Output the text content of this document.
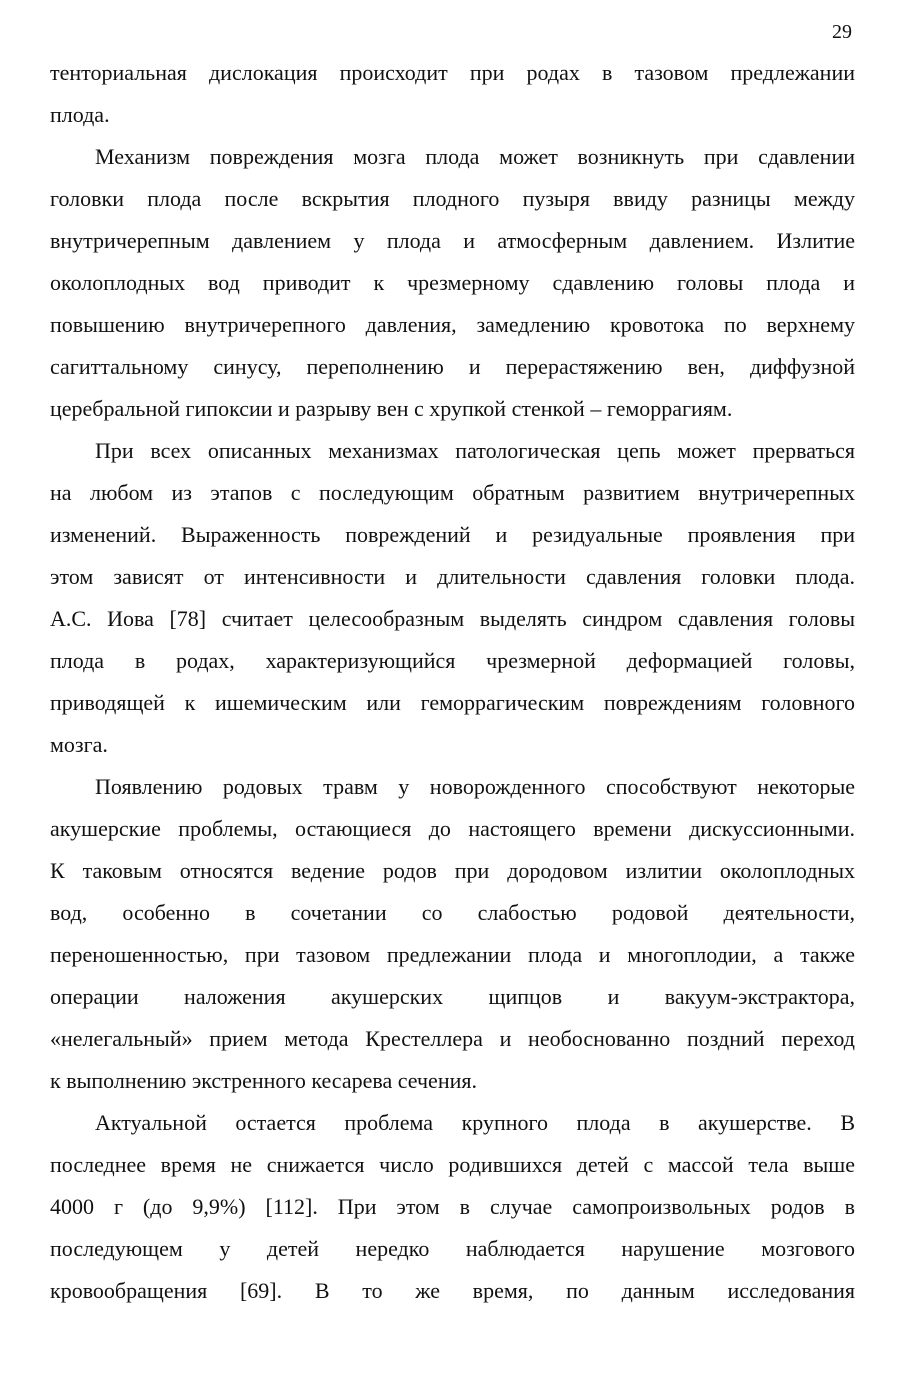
29

тенториальная дислокация происходит при родах в тазовом предлежании
плода.

Механизм повреждения мозга плода может возникнуть при сдавлении
головки плода после вскрытия плодного пузыря ввиду разницы между
внутричерепным давлением у плода и атмосферным давлением. Излитие
околоплодных вод приводит к чрезмерному сдавлению головы плода и
повышению внутричерепного давления, замедлению кровотока по верхнему
сагиттальному синусу, переполнению и перерастяжению вен, диффузной
церебральной гипоксии и разрыву вен с хрупкой стенкой – геморрагиям.

При всех описанных механизмах патологическая цепь может прерваться
на любом из этапов с последующим обратным развитием внутричерепных
изменений. Выраженность повреждений и резидуальные проявления при
этом зависят от интенсивности и длительности сдавления головки плода.
А.С. Иова [78] считает целесообразным выделять синдром сдавления головы
плода в родах, характеризующийся чрезмерной деформацией головы,
приводящей к ишемическим или геморрагическим повреждениям головного
мозга.

Появлению родовых травм у новорожденного способствуют некоторые
акушерские проблемы, остающиеся до настоящего времени дискуссионными.
К таковым относятся ведение родов при дородовом излитии околоплодных
вод, особенно в сочетании со слабостью родовой деятельности,
переношенностью, при тазовом предлежании плода и многоплодии, а также
операции наложения акушерских щипцов и вакуум-экстрактора,
«нелегальный» прием метода Крестеллера и необоснованно поздний переход
к выполнению экстренного кесарева сечения.

Актуальной остается проблема крупного плода в акушерстве. В
последнее время не снижается число родившихся детей с массой тела выше
4000 г (до 9,9%) [112]. При этом в случае самопроизвольных родов в
последующем у детей нередко наблюдается нарушение мозгового
кровообращения [69]. В то же время, по данным исследования
